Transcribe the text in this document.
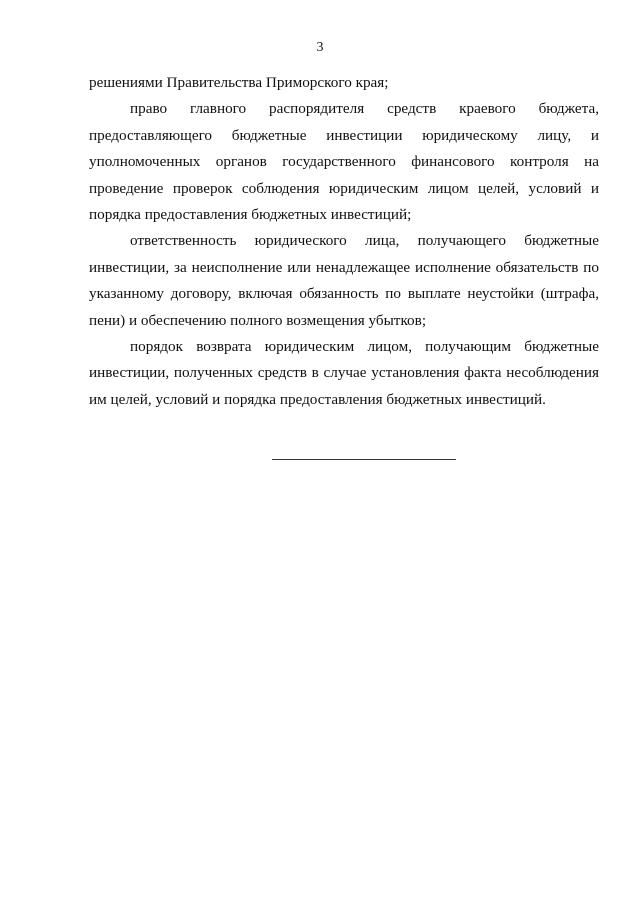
3

решениями Правительства Приморского края;

право главного распорядителя средств краевого бюджета, предоставляющего бюджетные инвестиции юридическому лицу, и уполномоченных органов государственного финансового контроля на проведение проверок соблюдения юридическим лицом целей, условий и порядка предоставления бюджетных инвестиций;

ответственность юридического лица, получающего бюджетные инвестиции, за неисполнение или ненадлежащее исполнение обязательств по указанному договору, включая обязанность по выплате неустойки (штрафа, пени) и обеспечению полного возмещения убытков;

порядок возврата юридическим лицом, получающим бюджетные инвестиции, полученных средств в случае установления факта несоблюдения им целей, условий и порядка предоставления бюджетных инвестиций.
